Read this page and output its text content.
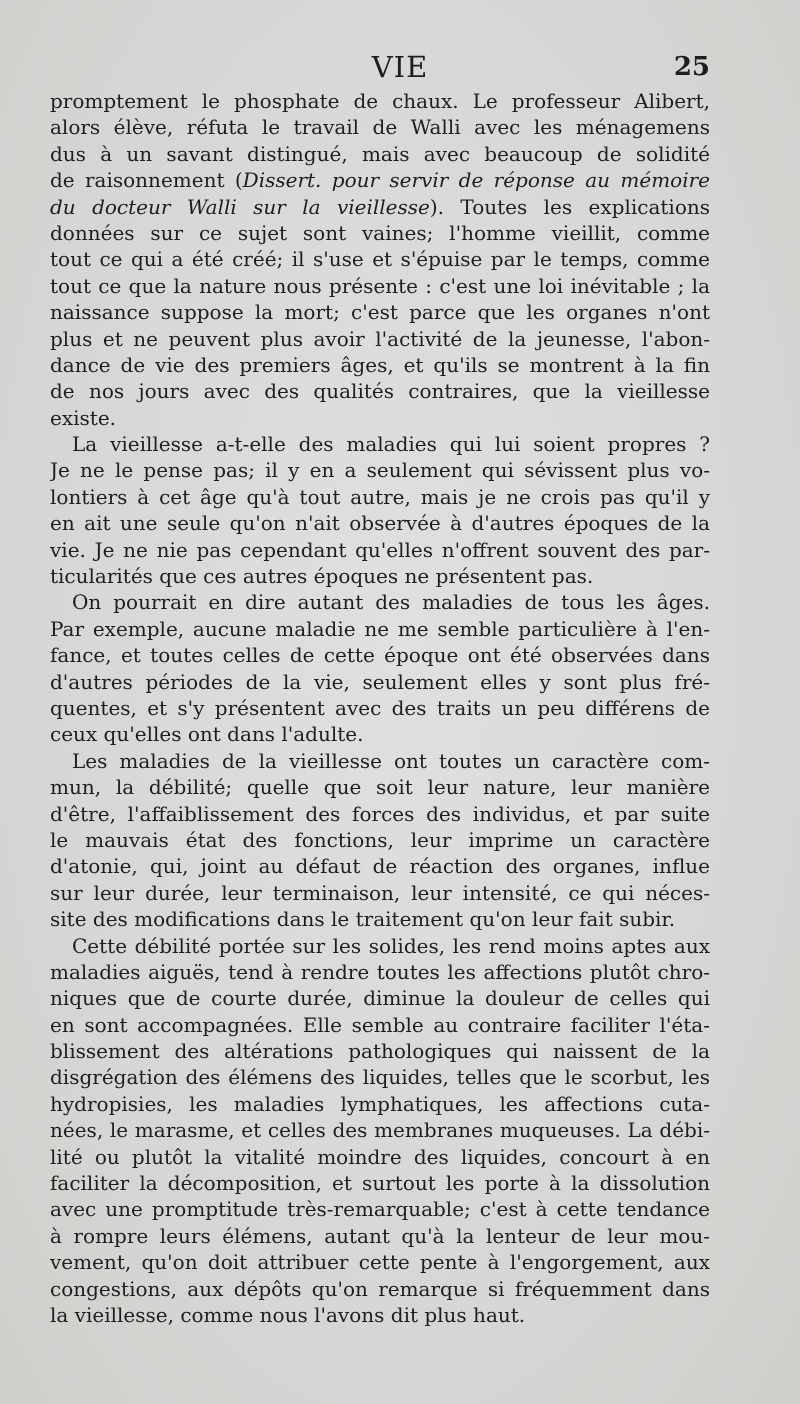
VIE	25
promptement le phosphate de chaux. Le professeur Alibert,
alors élève, réfuta le travail de Walli avec les ménagemens
dus à un savant distingué, mais avec beaucoup de solidité
de raisonnement (Dissert. pour servir de réponse au mémoire
du docteur Walli sur la vieillesse). Toutes les explications
données sur ce sujet sont vaines; l'homme vieillit, comme
tout ce qui a été créé; il s'use et s'épuise par le temps, comme
tout ce que la nature nous présente : c'est une loi inévitable ; la
naissance suppose la mort; c'est parce que les organes n'ont
plus et ne peuvent plus avoir l'activité de la jeunesse, l'abon-
dance de vie des premiers âges, et qu'ils se montrent à la fin
de nos jours avec des qualités contraires, que la vieillesse
existe.
La vieillesse a-t-elle des maladies qui lui soient propres ?
Je ne le pense pas; il y en a seulement qui sévissent plus vo-
lontiers à cet âge qu'à tout autre, mais je ne crois pas qu'il y
en ait une seule qu'on n'ait observée à d'autres époques de la
vie. Je ne nie pas cependant qu'elles n'offrent souvent des par-
ticularités que ces autres époques ne présentent pas.
On pourrait en dire autant des maladies de tous les âges.
Par exemple, aucune maladie ne me semble particulière à l'en-
fance, et toutes celles de cette époque ont été observées dans
d'autres périodes de la vie, seulement elles y sont plus fré-
quentes, et s'y présentent avec des traits un peu différens de
ceux qu'elles ont dans l'adulte.
Les maladies de la vieillesse ont toutes un caractère com-
mun, la débilité; quelle que soit leur nature, leur manière
d'être, l'affaiblissement des forces des individus, et par suite
le mauvais état des fonctions, leur imprime un caractère
d'atonie, qui, joint au défaut de réaction des organes, influe
sur leur durée, leur terminaison, leur intensité, ce qui néces-
site des modifications dans le traitement qu'on leur fait subir.
Cette débilité portée sur les solides, les rend moins aptes aux
maladies aiguës, tend à rendre toutes les affections plutôt chro-
niques que de courte durée, diminue la douleur de celles qui
en sont accompagnées. Elle semble au contraire faciliter l'éta-
blissement des altérations pathologiques qui naissent de la
disgrégation des élémens des liquides, telles que le scorbut, les
hydropisies, les maladies lymphatiques, les affections cuta-
nées, le marasme, et celles des membranes muqueuses. La débi-
lité ou plutôt la vitalité moindre des liquides, concourt à en
faciliter la décomposition, et surtout les porte à la dissolution
avec une promptitude très-remarquable; c'est à cette tendance
à rompre leurs élémens, autant qu'à la lenteur de leur mou-
vement, qu'on doit attribuer cette pente à l'engorgement, aux
congestions, aux dépôts qu'on remarque si fréquemment dans
la vieillesse, comme nous l'avons dit plus haut.
